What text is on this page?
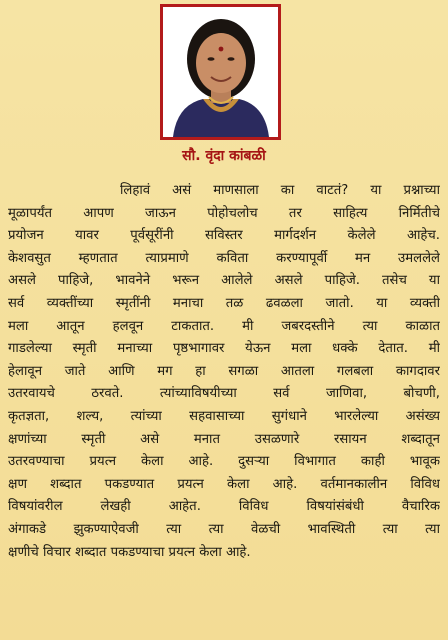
सौ. वृंदा कांबळी
लिहावं असं माणसाला का वाटतं? या प्रश्नाच्या
मूळापर्यंत आपण जाऊन पोहोचलोच तर साहित्य निर्मितीचे
प्रयोजन यावर पूर्वसूरींनी सविस्तर मार्गदर्शन केलेले आहेच.
केशवसुत म्हणतात त्याप्रमाणे कविता करण्यापूर्वी मन उमललेले
असले पाहिजे, भावनेने भरून आलेले असले पाहिजे. तसेच या
सर्व व्यक्तींच्या स्मृतींनी मनाचा तळ ढवळला जातो. या व्यक्ती
मला आतून हलवून टाकतात. मी जबरदस्तीने त्या काळात
गाडलेल्या स्मृती मनाच्या पृष्ठभागावर येऊन मला धक्के देतात. मी
हेलावून जाते आणि मग हा सगळा आतला गलबला कागदावर
उतरवायचे ठरवते. त्यांच्याविषयीच्या सर्व जाणिवा, बोचणी,
कृतज्ञता, शल्य, त्यांच्या सहवासाच्या सुगंधाने भारलेल्या असंख्य
क्षणांच्या स्मृती असे मनात उसळणारे रसायन शब्दातून
उतरवण्याचा प्रयत्न केला आहे. दुसऱ्या विभागात काही भावूक
क्षण शब्दात पकडण्यात प्रयत्न केला आहे. वर्तमानकालीन विविध
विषयांवरील लेखही आहेत. विविध विषयांसंबंधी वैचारिक
अंगाकडे झुकण्याऐवजी त्या त्या वेळची भावस्थिती त्या त्या
क्षणीचे विचार शब्दात पकडण्याचा प्रयत्न केला आहे.
